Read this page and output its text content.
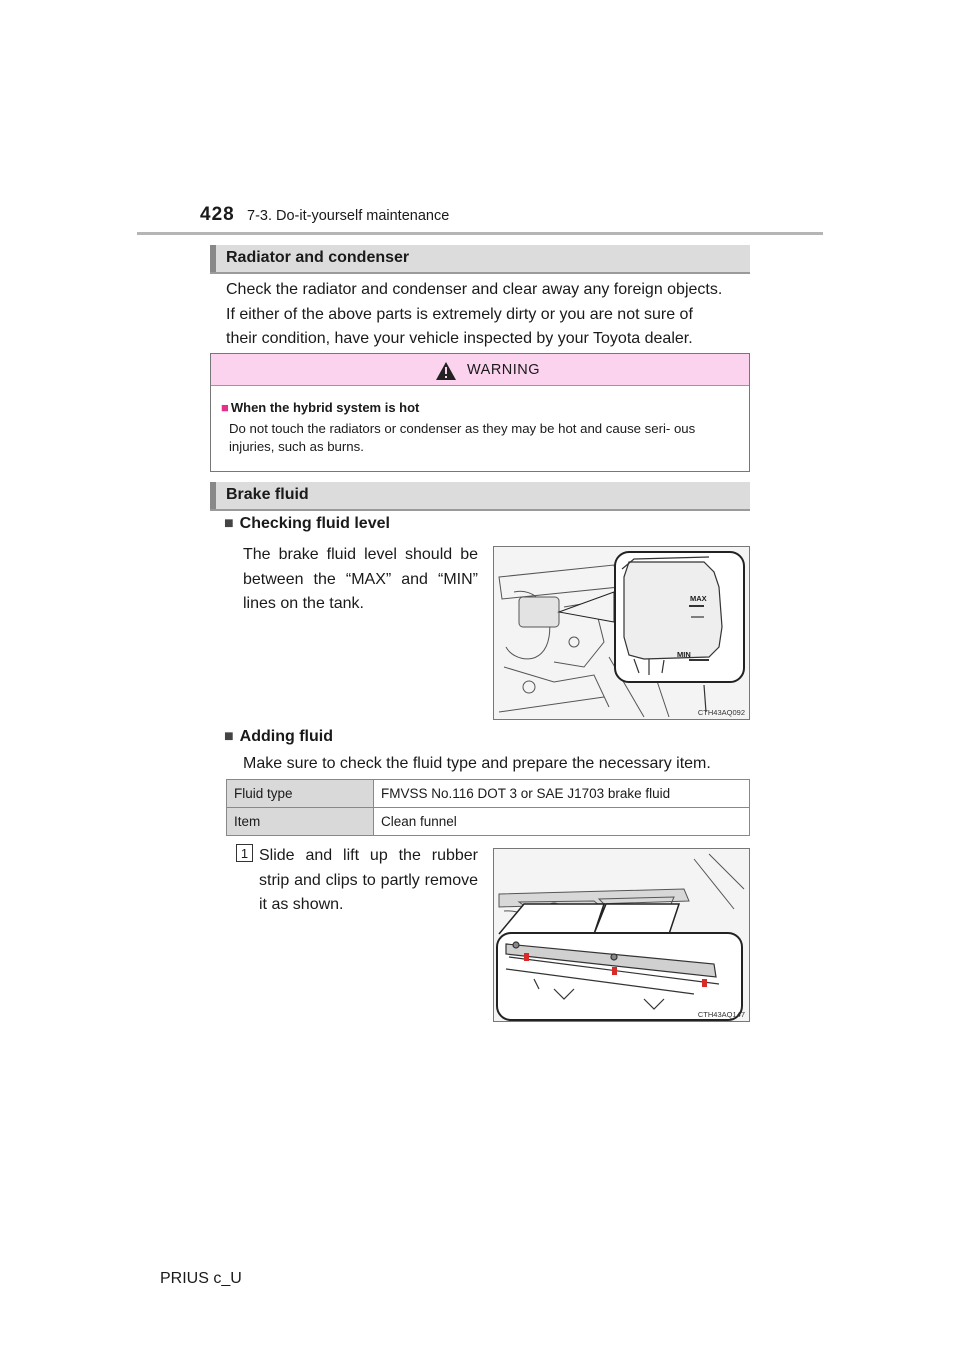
428 7-3. Do-it-yourself maintenance
Radiator and condenser
Check the radiator and condenser and clear away any foreign objects.
If either of the above parts is extremely dirty or you are not sure of
their condition, have your vehicle inspected by your Toyota dealer.
WARNING
■ When the hybrid system is hot
Do not touch the radiators or condenser as they may be hot and cause seri- ous injuries, such as burns.
Brake fluid
■ Checking fluid level
The brake fluid level should be between the “MAX” and “MIN” lines on the tank.	MAX
MIN
CTH43AQ092
■ Adding fluid
Make sure to check the fluid type and prepare the necessary item.
Fluid type	FMVSS No.116 DOT 3 or SAE J1703 brake fluid
Item	Clean funnel
1 Slide and lift up the rubber strip and clips to partly remove it as shown.
CTH43AQ147
PRIUS c_U
